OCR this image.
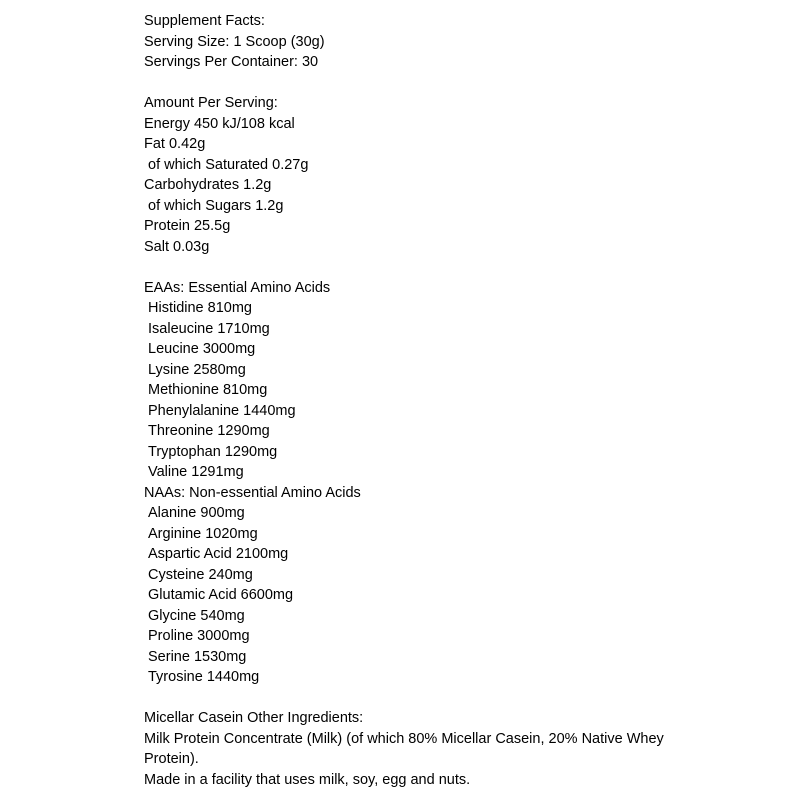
Supplement Facts:
Serving Size: 1 Scoop (30g)
Servings Per Container: 30
Amount Per Serving:
Energy 450 kJ/108 kcal
Fat 0.42g
of which Saturated 0.27g
Carbohydrates 1.2g
of which Sugars 1.2g
Protein 25.5g
Salt 0.03g
EAAs: Essential Amino Acids
Histidine 810mg
Isaleucine 1710mg
Leucine 3000mg
Lysine 2580mg
Methionine 810mg
Phenylalanine 1440mg
Threonine 1290mg
Tryptophan 1290mg
Valine 1291mg
NAAs: Non-essential Amino Acids
Alanine 900mg
Arginine 1020mg
Aspartic Acid 2100mg
Cysteine 240mg
Glutamic Acid 6600mg
Glycine 540mg
Proline 3000mg
Serine 1530mg
Tyrosine 1440mg
Micellar Casein Other Ingredients:
Milk Protein Concentrate (Milk) (of which 80% Micellar Casein, 20% Native Whey Protein).
Made in a facility that uses milk, soy, egg and nuts.
